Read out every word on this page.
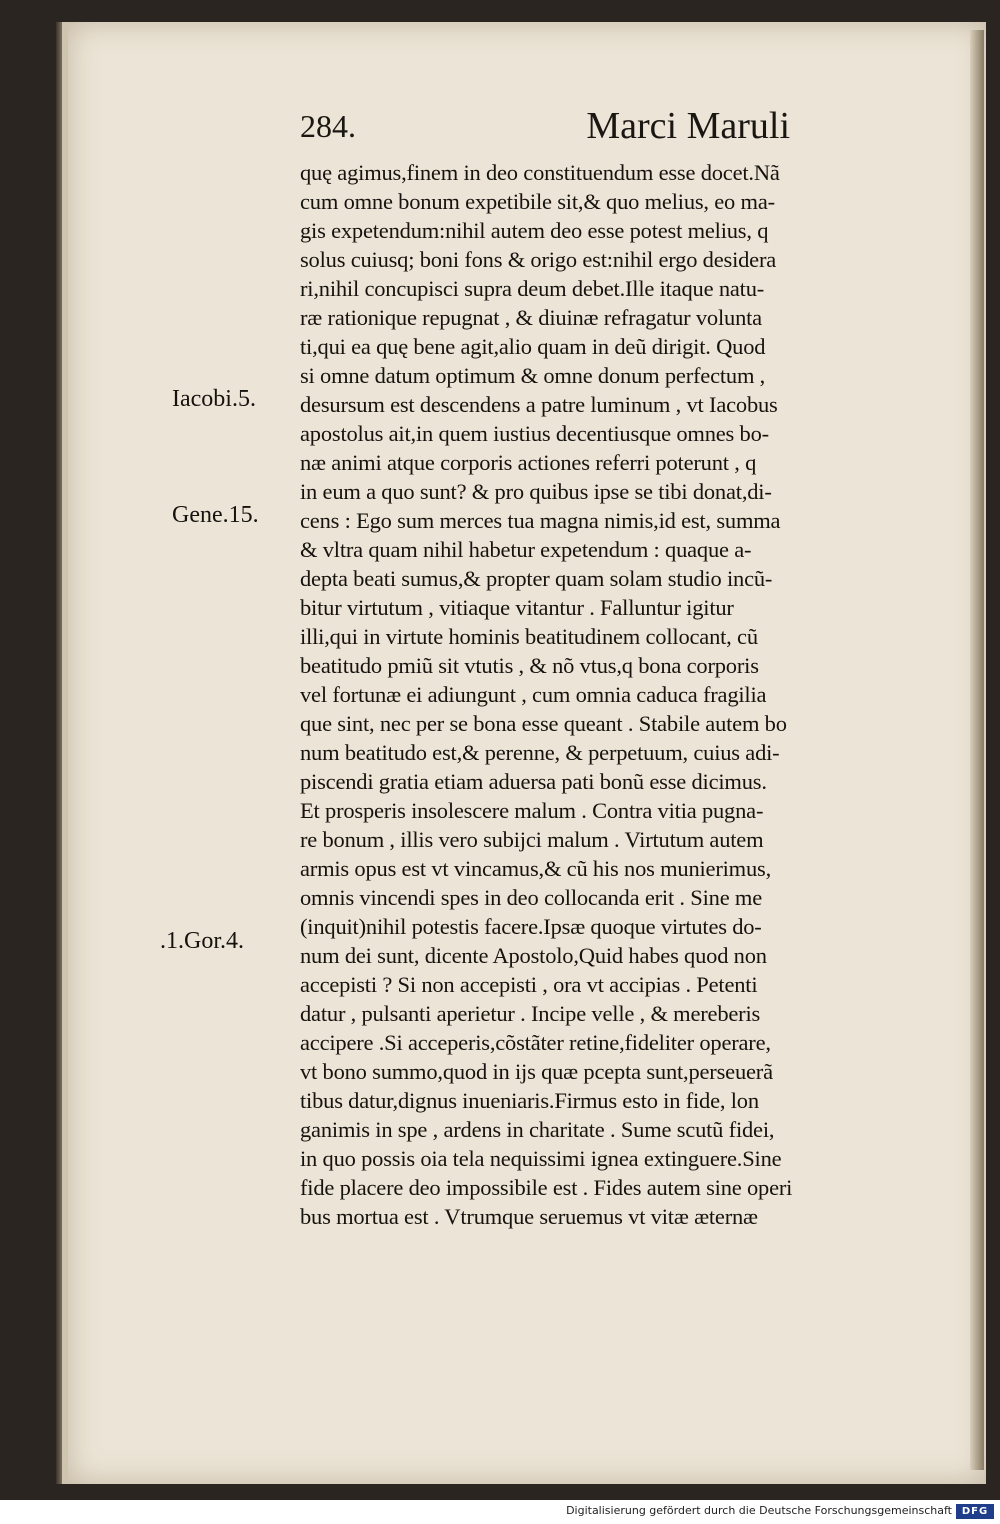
284.	Marci Maruli
Iacobi.5.
Gene.15.
.1.Gor.4.
quę agimus,finem in deo constituendum esse docet.Nã
cum omne bonum expetibile sit,& quo melius, eo ma-
gis expetendum:nihil autem deo esse potest melius, q
solus cuiusq; boni fons & origo est:nihil ergo desidera
ri,nihil concupisci supra deum debet.Ille itaque natu-
ræ rationique repugnat , & diuinæ refragatur volunta
ti,qui ea quę bene agit,alio quam in deũ dirigit. Quod
si omne datum optimum & omne donum perfectum ,
desursum est descendens a patre luminum , vt Iacobus
apostolus ait,in quem iustius decentiusque omnes bo-
næ animi atque corporis actiones referri poterunt , q
in eum a quo sunt? & pro quibus ipse se tibi donat,di-
cens : Ego sum merces tua magna nimis,id est, summa
& vltra quam nihil habetur expetendum : quaque a-
depta beati sumus,& propter quam solam studio incũ-
bitur virtutum , vitiaque vitantur . Falluntur igitur
illi,qui in virtute hominis beatitudinem collocant, cũ
beatitudo pmiũ sit vtutis , & nõ vtus,q bona corporis
vel fortunæ ei adiungunt , cum omnia caduca fragilia
que sint, nec per se bona esse queant . Stabile autem bo
num beatitudo est,& perenne, & perpetuum, cuius adi-
piscendi gratia etiam aduersa pati bonũ esse dicimus.
Et prosperis insolescere malum . Contra vitia pugna-
re bonum , illis vero subijci malum . Virtutum autem
armis opus est vt vincamus,& cũ his nos munierimus,
omnis vincendi spes in deo collocanda erit . Sine me
(inquit)nihil potestis facere.Ipsæ quoque virtutes do-
num dei sunt, dicente Apostolo,Quid habes quod non
accepisti ? Si non accepisti , ora vt accipias . Petenti
datur , pulsanti aperietur . Incipe velle , & mereberis
accipere .Si acceperis,cõstãter retine,fideliter operare,
vt bono summo,quod in ijs quæ pcepta sunt,perseuerã
tibus datur,dignus inueniaris.Firmus esto in fide, lon
ganimis in spe , ardens in charitate . Sume scutũ fidei,
in quo possis oia tela nequissimi ignea extinguere.Sine
fide placere deo impossibile est . Fides autem sine operi
bus mortua est . Vtrumque seruemus vt vitæ æternæ
Digitalisierung gefördert durch die Deutsche Forschungsgemeinschaft DFG
